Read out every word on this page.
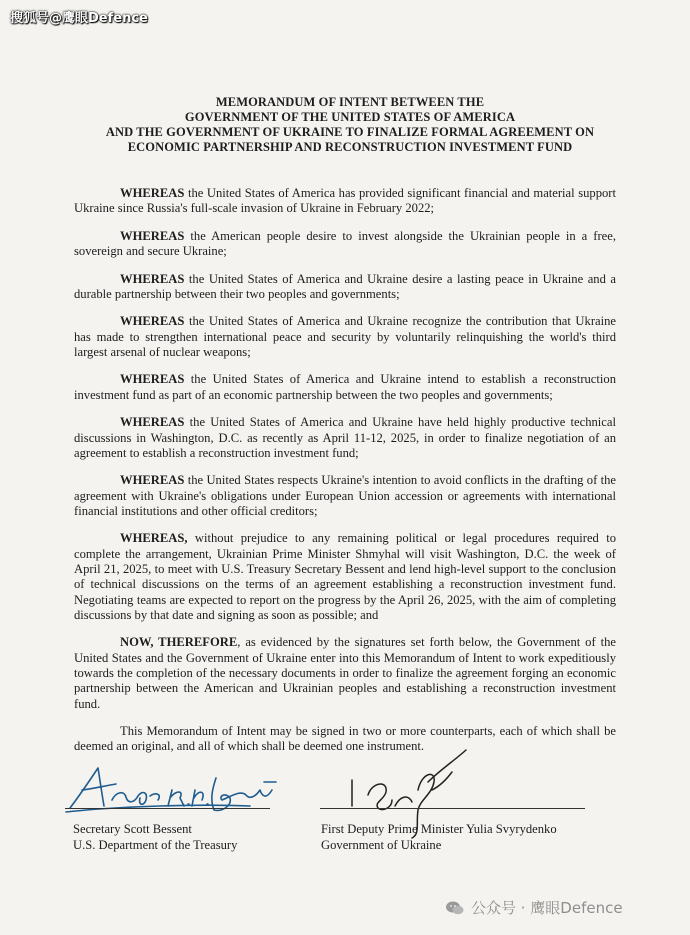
搜狐号@鹰眼Defence
MEMORANDUM OF INTENT BETWEEN THE
GOVERNMENT OF THE UNITED STATES OF AMERICA
AND THE GOVERNMENT OF UKRAINE TO FINALIZE FORMAL AGREEMENT ON
ECONOMIC PARTNERSHIP AND RECONSTRUCTION INVESTMENT FUND

WHEREAS the United States of America has provided significant financial and material support Ukraine since Russia's full-scale invasion of Ukraine in February 2022;

WHEREAS the American people desire to invest alongside the Ukrainian people in a free, sovereign and secure Ukraine;

WHEREAS the United States of America and Ukraine desire a lasting peace in Ukraine and a durable partnership between their two peoples and governments;

WHEREAS the United States of America and Ukraine recognize the contribution that Ukraine has made to strengthen international peace and security by voluntarily relinquishing the world's third largest arsenal of nuclear weapons;

WHEREAS the United States of America and Ukraine intend to establish a reconstruction investment fund as part of an economic partnership between the two peoples and governments;

WHEREAS the United States of America and Ukraine have held highly productive technical discussions in Washington, D.C. as recently as April 11-12, 2025, in order to finalize negotiation of an agreement to establish a reconstruction investment fund;

WHEREAS the United States respects Ukraine's intention to avoid conflicts in the drafting of the agreement with Ukraine's obligations under European Union accession or agreements with international financial institutions and other official creditors;

WHEREAS, without prejudice to any remaining political or legal procedures required to complete the arrangement, Ukrainian Prime Minister Shmyhal will visit Washington, D.C. the week of April 21, 2025, to meet with U.S. Treasury Secretary Bessent and lend high-level support to the conclusion of technical discussions on the terms of an agreement establishing a reconstruction investment fund. Negotiating teams are expected to report on the progress by the April 26, 2025, with the aim of completing discussions by that date and signing as soon as possible; and

NOW, THEREFORE, as evidenced by the signatures set forth below, the Government of the United States and the Government of Ukraine enter into this Memorandum of Intent to work expeditiously towards the completion of the necessary documents in order to finalize the agreement forging an economic partnership between the American and Ukrainian peoples and establishing a reconstruction investment fund.

This Memorandum of Intent may be signed in two or more counterparts, each of which shall be deemed an original, and all of which shall be deemed one instrument.

Secretary Scott Bessent
U.S. Department of the Treasury
First Deputy Prime Minister Yulia Svyrydenko
Government of Ukraine
公众号 · 鹰眼Defence
